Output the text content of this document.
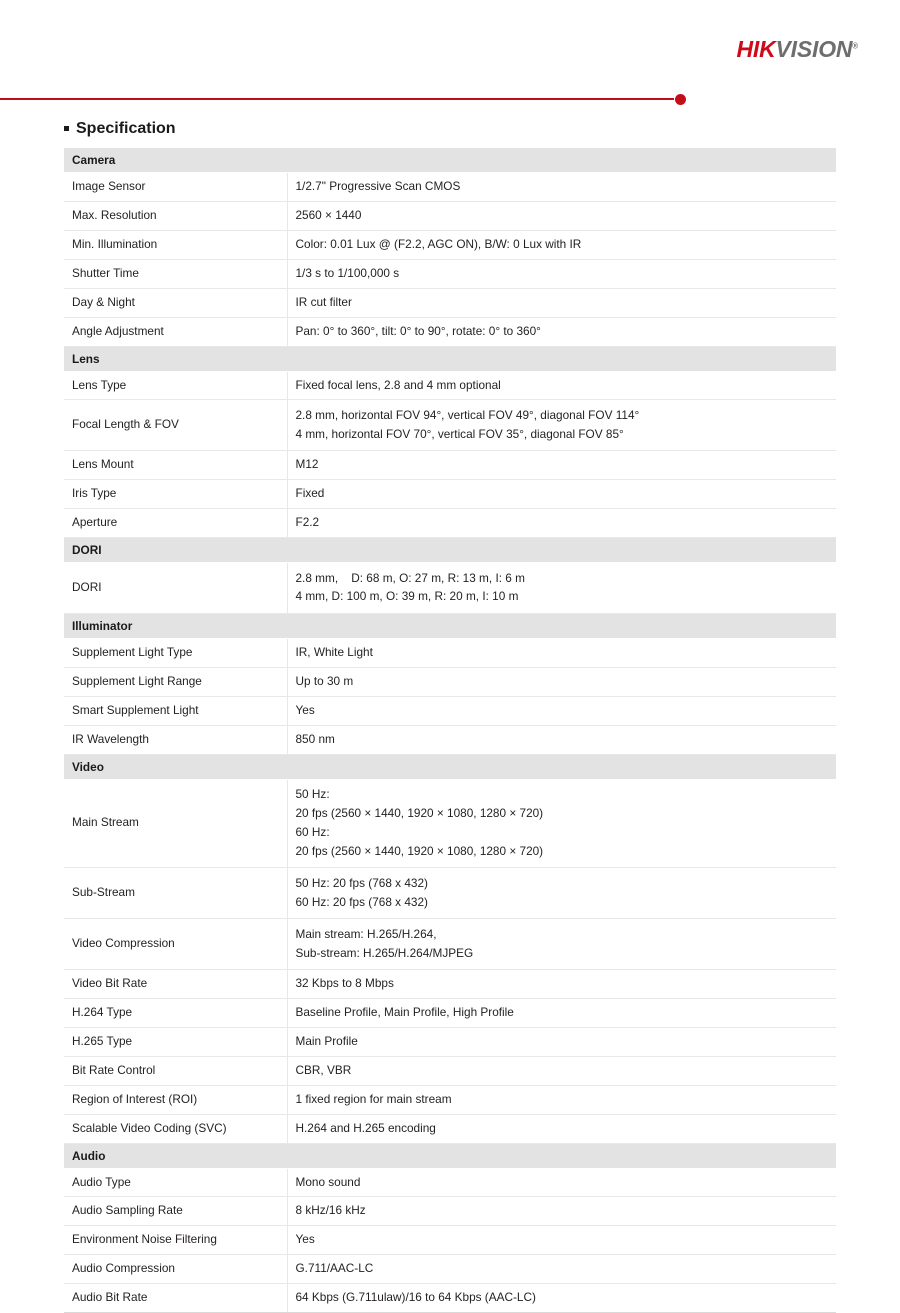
HIKVISION®
Specification
Camera	
Image Sensor	1/2.7" Progressive Scan CMOS
Max. Resolution	2560 × 1440
Min. Illumination	Color: 0.01 Lux @ (F2.2, AGC ON), B/W: 0 Lux with IR
Shutter Time	1/3 s to 1/100,000 s
Day & Night	IR cut filter
Angle Adjustment	Pan: 0° to 360°, tilt: 0° to 90°, rotate: 0° to 360°
Lens	
Lens Type	Fixed focal lens, 2.8 and 4 mm optional
Focal Length & FOV	2.8 mm, horizontal FOV 94°, vertical FOV 49°, diagonal FOV 114°
4 mm, horizontal FOV 70°, vertical FOV 35°, diagonal FOV 85°

Lens Mount	M12
Iris Type	Fixed
Aperture	F2.2
DORI	
DORI	2.8 mm,    D: 68 m, O: 27 m, R: 13 m, I: 6 m
4 mm, D: 100 m, O: 39 m, R: 20 m, I: 10 m

Illuminator	
Supplement Light Type	IR, White Light
Supplement Light Range	Up to 30 m
Smart Supplement Light	Yes
IR Wavelength	850 nm
Video	
Main Stream	50 Hz:
20 fps (2560 × 1440, 1920 × 1080, 1280 × 720)
60 Hz:
20 fps (2560 × 1440, 1920 × 1080, 1280 × 720)

Sub-Stream	50 Hz: 20 fps (768 x 432)
60 Hz: 20 fps (768 x 432)

Video Compression	Main stream: H.265/H.264,
Sub-stream: H.265/H.264/MJPEG

Video Bit Rate	32 Kbps to 8 Mbps
H.264 Type	Baseline Profile, Main Profile, High Profile
H.265 Type	Main Profile
Bit Rate Control	CBR, VBR
Region of Interest (ROI)	1 fixed region for main stream
Scalable Video Coding (SVC)	H.264 and H.265 encoding
Audio	
Audio Type	Mono sound
Audio Sampling Rate	8 kHz/16 kHz
Environment Noise Filtering	Yes
Audio Compression	G.711/AAC-LC
Audio Bit Rate	64 Kbps (G.711ulaw)/16 to 64 Kbps (AAC-LC)
